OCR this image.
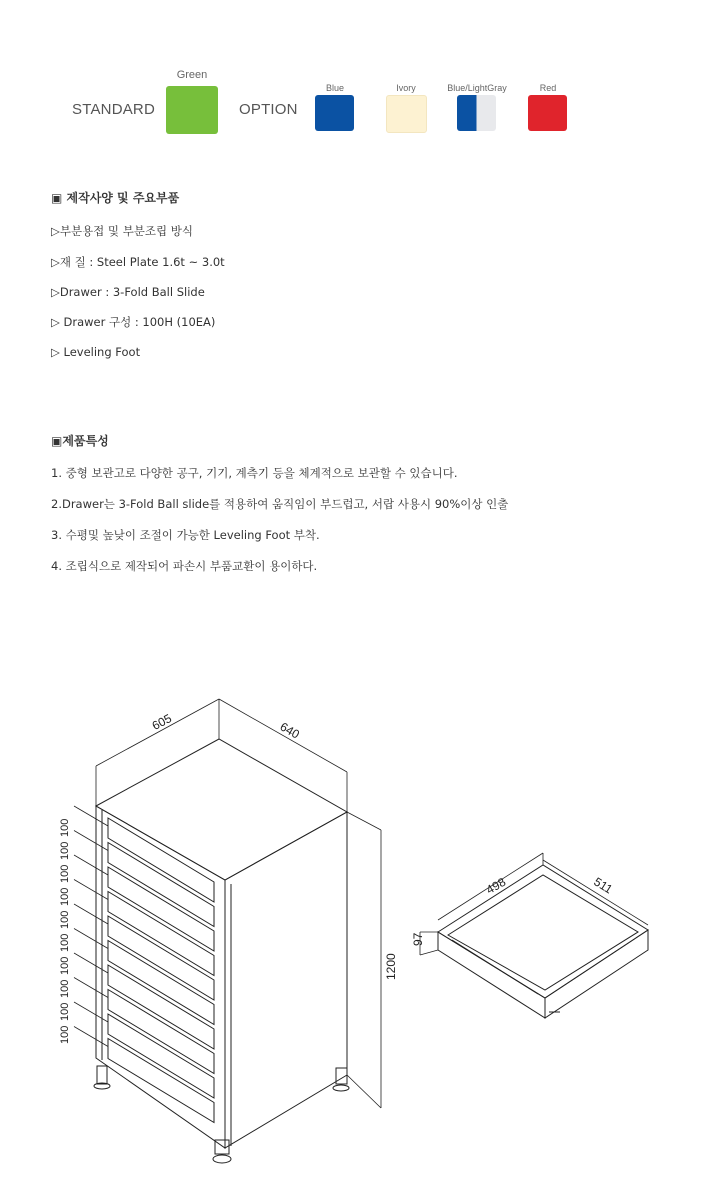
STANDARD
Green
OPTION
Blue	Ivory	Blue/LightGray	Red
▣ 제작사양 및 주요부품
▷부분용접 및 부분조립 방식
▷재 질 : Steel Plate 1.6t ~ 3.0t
▷Drawer : 3-Fold Ball Slide
▷ Drawer 구성 : 100H (10EA)
▷ Leveling Foot
▣제품특성
1. 중형 보관고로 다양한 공구, 기기, 계측기 등을 체계적으로 보관할 수 있습니다.
2.Drawer는 3-Fold Ball slide를 적용하여 움직임이 부드럽고, 서랍 사용시 90%이상 인출
3. 수평및 높낮이 조절이 가능한 Leveling Foot 부착.
4. 조립식으로 제작되어 파손시 부품교환이 용이하다.
605	640
1200
498	511
97
100
100
100
100
100
100
100
100
100
100
